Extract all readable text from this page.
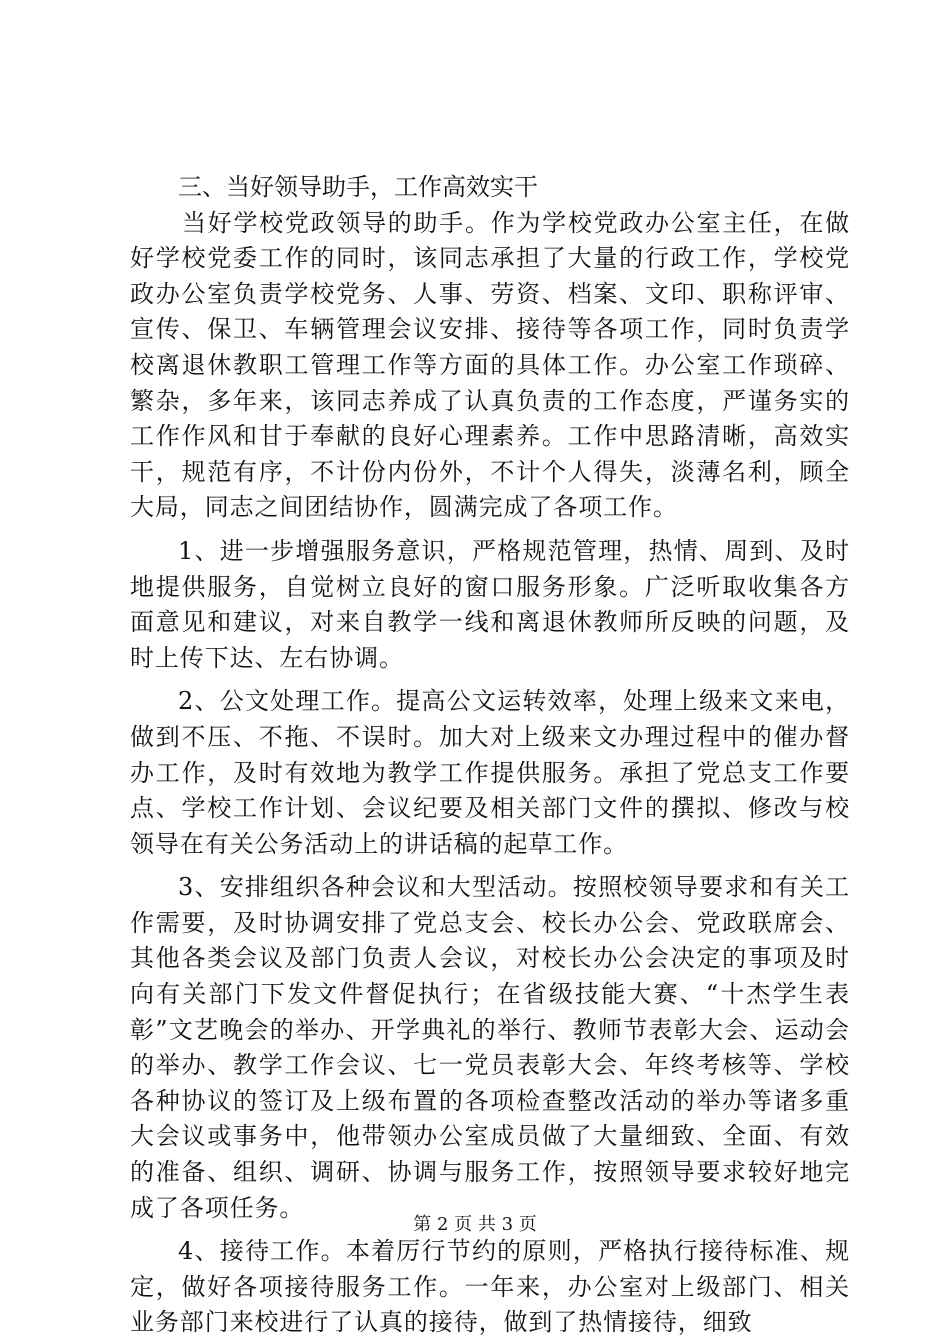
三、当好领导助手，工作高效实干

当好学校党政领导的助手。作为学校党政办公室主任，在做好学校党委工作的同时，该同志承担了大量的行政工作，学校党政办公室负责学校党务、人事、劳资、档案、文印、职称评审、宣传、保卫、车辆管理会议安排、接待等各项工作，同时负责学校离退休教职工管理工作等方面的具体工作。办公室工作琐碎、繁杂，多年来，该同志养成了认真负责的工作态度，严谨务实的工作作风和甘于奉献的良好心理素养。工作中思路清晰，高效实干，规范有序，不计份内份外，不计个人得失，淡薄名利，顾全大局，同志之间团结协作，圆满完成了各项工作。

1、进一步增强服务意识，严格规范管理，热情、周到、及时地提供服务，自觉树立良好的窗口服务形象。广泛听取收集各方面意见和建议，对来自教学一线和离退休教师所反映的问题，及时上传下达、左右协调。

2、公文处理工作。提高公文运转效率，处理上级来文来电，做到不压、不拖、不误时。加大对上级来文办理过程中的催办督办工作，及时有效地为教学工作提供服务。承担了党总支工作要点、学校工作计划、会议纪要及相关部门文件的撰拟、修改与校领导在有关公务活动上的讲话稿的起草工作。

3、安排组织各种会议和大型活动。按照校领导要求和有关工作需要，及时协调安排了党总支会、校长办公会、党政联席会、其他各类会议及部门负责人会议，对校长办公会决定的事项及时向有关部门下发文件督促执行；在省级技能大赛、“十杰学生表彰”文艺晚会的举办、开学典礼的举行、教师节表彰大会、运动会的举办、教学工作会议、七一党员表彰大会、年终考核等、学校各种协议的签订及上级布置的各项检查整改活动的举办等诸多重大会议或事务中，他带领办公室成员做了大量细致、全面、有效的准备、组织、调研、协调与服务工作，按照领导要求较好地完成了各项任务。

4、接待工作。本着厉行节约的原则，严格执行接待标准、规定，做好各项接待服务工作。一年来，办公室对上级部门、相关业务部门来校进行了认真的接待，做到了热情接待，细致

第 2 页 共 3 页
